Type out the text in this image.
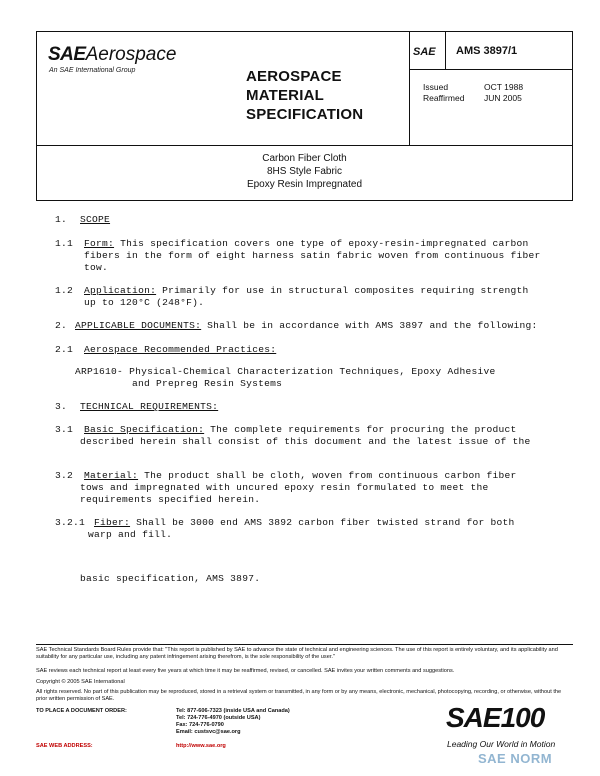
SAEAerospace
An SAE International Group	AEROSPACE
MATERIAL
SPECIFICATION
SAE AMS 3897/1
Issued	OCT 1988
Reaffirmed JUN 2005
Carbon Fiber Cloth
8HS Style Fabric
Epoxy Resin Impregnated
1. SCOPE
1.1 Form: This specification covers one type of epoxy-resin-impregnated carbon
fibers in the form of eight harness satin fabric woven from continuous fiber
tow.
1.2 Application: Primarily for use in structural composites requiring strength
up to 120°C (248°F).
2. APPLICABLE DOCUMENTS: Shall be in accordance with AMS 3897 and the following:
2.1 Aerospace Recommended Practices:
ARP1610- Physical-Chemical Characterization Techniques, Epoxy Adhesive
and Prepreg Resin Systems
3. TECHNICAL REQUIREMENTS:
3.1 Basic Specification: The complete requirements for procuring the product
described herein shall consist of this document and the latest issue of the
3.2 Material: The product shall be cloth, woven from continuous carbon fiber
tows and impregnated with uncured epoxy resin formulated to meet the
requirements specified herein.
3.2.1 Fiber: Shall be 3000 end AMS 3892 carbon fiber twisted strand for both
warp and fill.
basic specification, AMS 3897.
SAE Technical Standards Board Rules provide that: "This report is published by SAE to advance the state of technical and engineering sciences. The use of this report is entirely voluntary, and its applicability and suitability for any particular use, including any patent infringement arising therefrom, is the sole responsibility of the user."
SAE reviews each technical report at least every five years at which time it may be reaffirmed, revised, or cancelled. SAE invites your written comments and suggestions.
Copyright © 2005 SAE International
All rights reserved. No part of this publication may be reproduced, stored in a retrieval system or transmitted, in any form or by any means, electronic, mechanical, photocopying, recording, or otherwise, without the prior written permission of SAE.
TO PLACE A DOCUMENT ORDER:	Tel: 877-606-7323 (inside USA and Canada)
Tel: 724-776-4970 (outside USA)
Fax: 724-776-0790
Email: custsvc@sae.org
SAE WEB ADDRESS:	http://www.sae.org
SAE100
Leading Our World in Motion
SAE NORM
